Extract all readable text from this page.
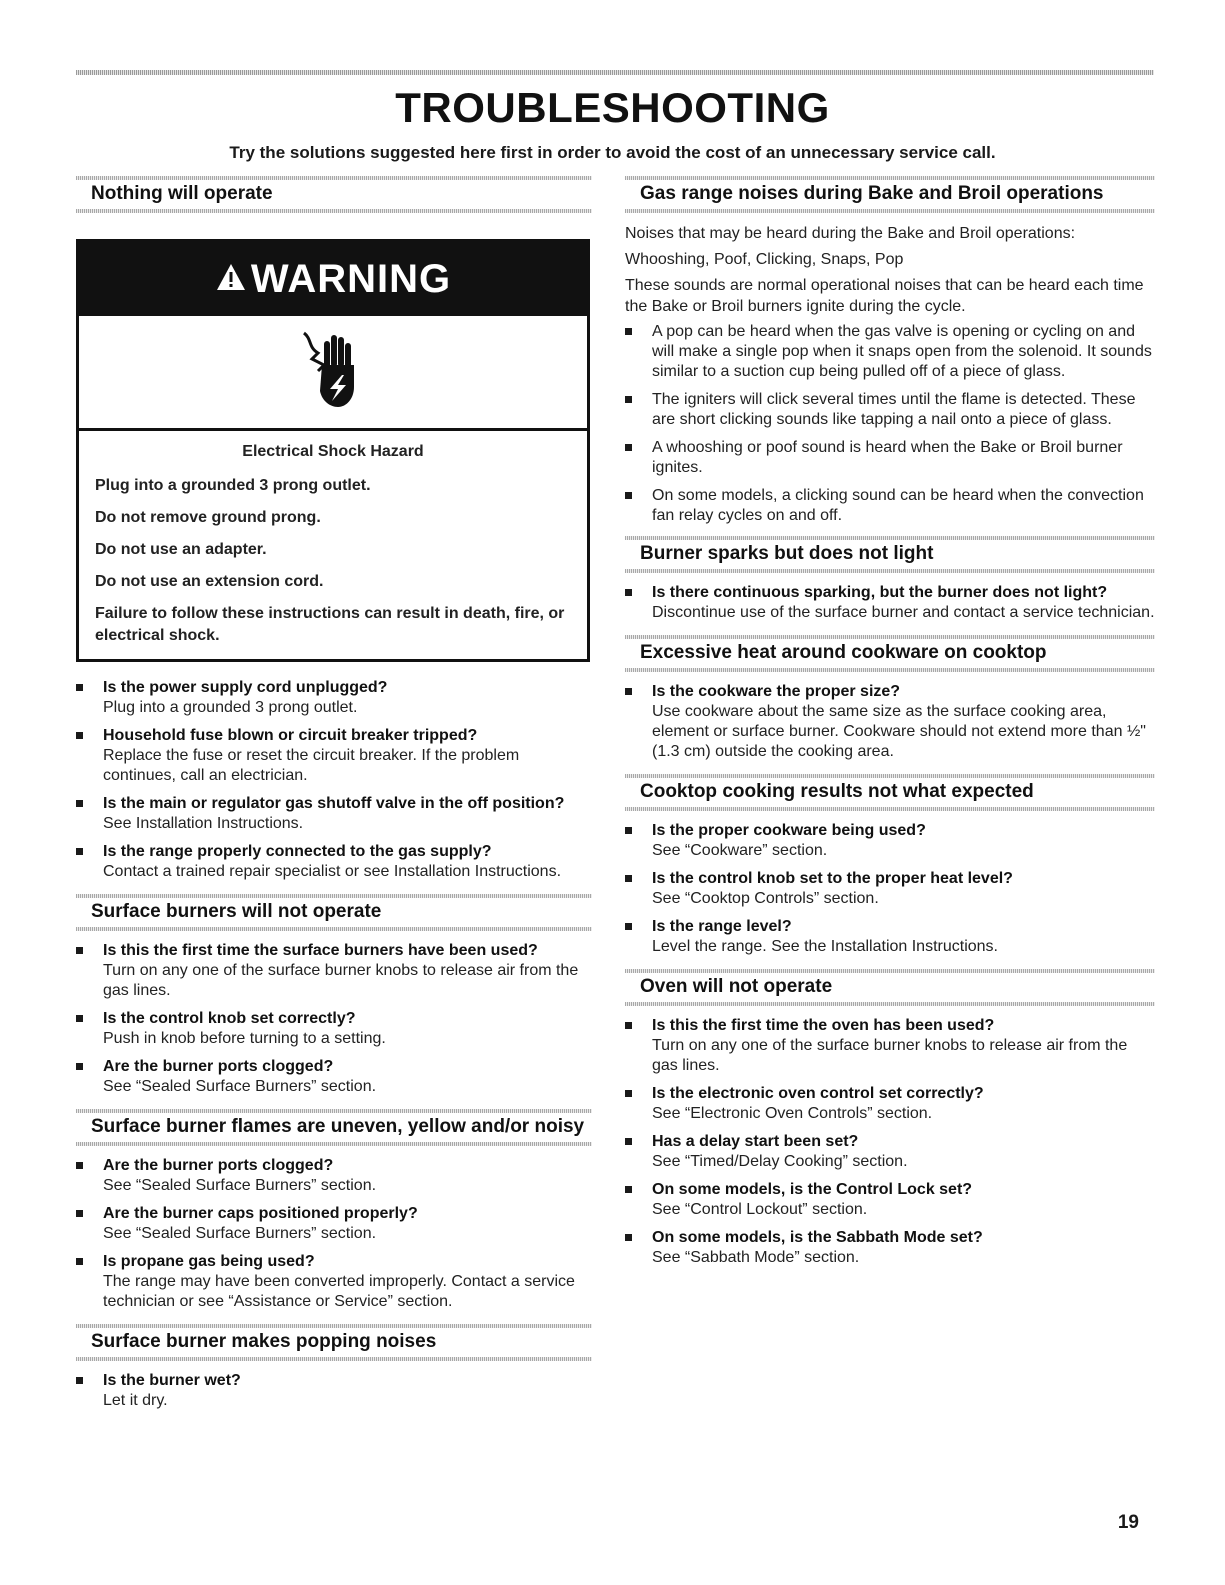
TROUBLESHOOTING

Try the solutions suggested here first in order to avoid the cost of an unnecessary service call.

Nothing will operate
WARNING

Electrical Shock Hazard

Plug into a grounded 3 prong outlet.

Do not remove ground prong.

Do not use an adapter.

Do not use an extension cord.

Failure to follow these instructions can result in death, fire, or electrical shock.

Is the power supply cord unplugged?
Plug into a grounded 3 prong outlet.
Household fuse blown or circuit breaker tripped?
Replace the fuse or reset the circuit breaker. If the problem continues, call an electrician.
Is the main or regulator gas shutoff valve in the off position?
See Installation Instructions.
Is the range properly connected to the gas supply?
Contact a trained repair specialist or see Installation Instructions.
Surface burners will not operate
Is this the first time the surface burners have been used?
Turn on any one of the surface burner knobs to release air from the gas lines.
Is the control knob set correctly?
Push in knob before turning to a setting.
Are the burner ports clogged?
See “Sealed Surface Burners” section.
Surface burner flames are uneven, yellow and/or noisy
Are the burner ports clogged?
See “Sealed Surface Burners” section.
Are the burner caps positioned properly?
See “Sealed Surface Burners” section.
Is propane gas being used?
The range may have been converted improperly. Contact a service technician or see “Assistance or Service” section.
Surface burner makes popping noises
Is the burner wet?
Let it dry.
Gas range noises during Bake and Broil operations

Noises that may be heard during the Bake and Broil operations:

Whooshing, Poof, Clicking, Snaps, Pop

These sounds are normal operational noises that can be heard each time the Bake or Broil burners ignite during the cycle.

A pop can be heard when the gas valve is opening or cycling on and will make a single pop when it snaps open from the solenoid. It sounds similar to a suction cup being pulled off of a piece of glass.
The igniters will click several times until the flame is detected. These are short clicking sounds like tapping a nail onto a piece of glass.
A whooshing or poof sound is heard when the Bake or Broil burner ignites.
On some models, a clicking sound can be heard when the convection fan relay cycles on and off.
Burner sparks but does not light
Is there continuous sparking, but the burner does not light?
Discontinue use of the surface burner and contact a service technician.
Excessive heat around cookware on cooktop
Is the cookware the proper size?
Use cookware about the same size as the surface cooking area, element or surface burner. Cookware should not extend more than ½" (1.3 cm) outside the cooking area.
Cooktop cooking results not what expected
Is the proper cookware being used?
See “Cookware” section.
Is the control knob set to the proper heat level?
See “Cooktop Controls” section.
Is the range level?
Level the range. See the Installation Instructions.
Oven will not operate
Is this the first time the oven has been used?
Turn on any one of the surface burner knobs to release air from the gas lines.
Is the electronic oven control set correctly?
See “Electronic Oven Controls” section.
Has a delay start been set?
See “Timed/Delay Cooking” section.
On some models, is the Control Lock set?
See “Control Lockout” section.
On some models, is the Sabbath Mode set?
See “Sabbath Mode” section.
19
